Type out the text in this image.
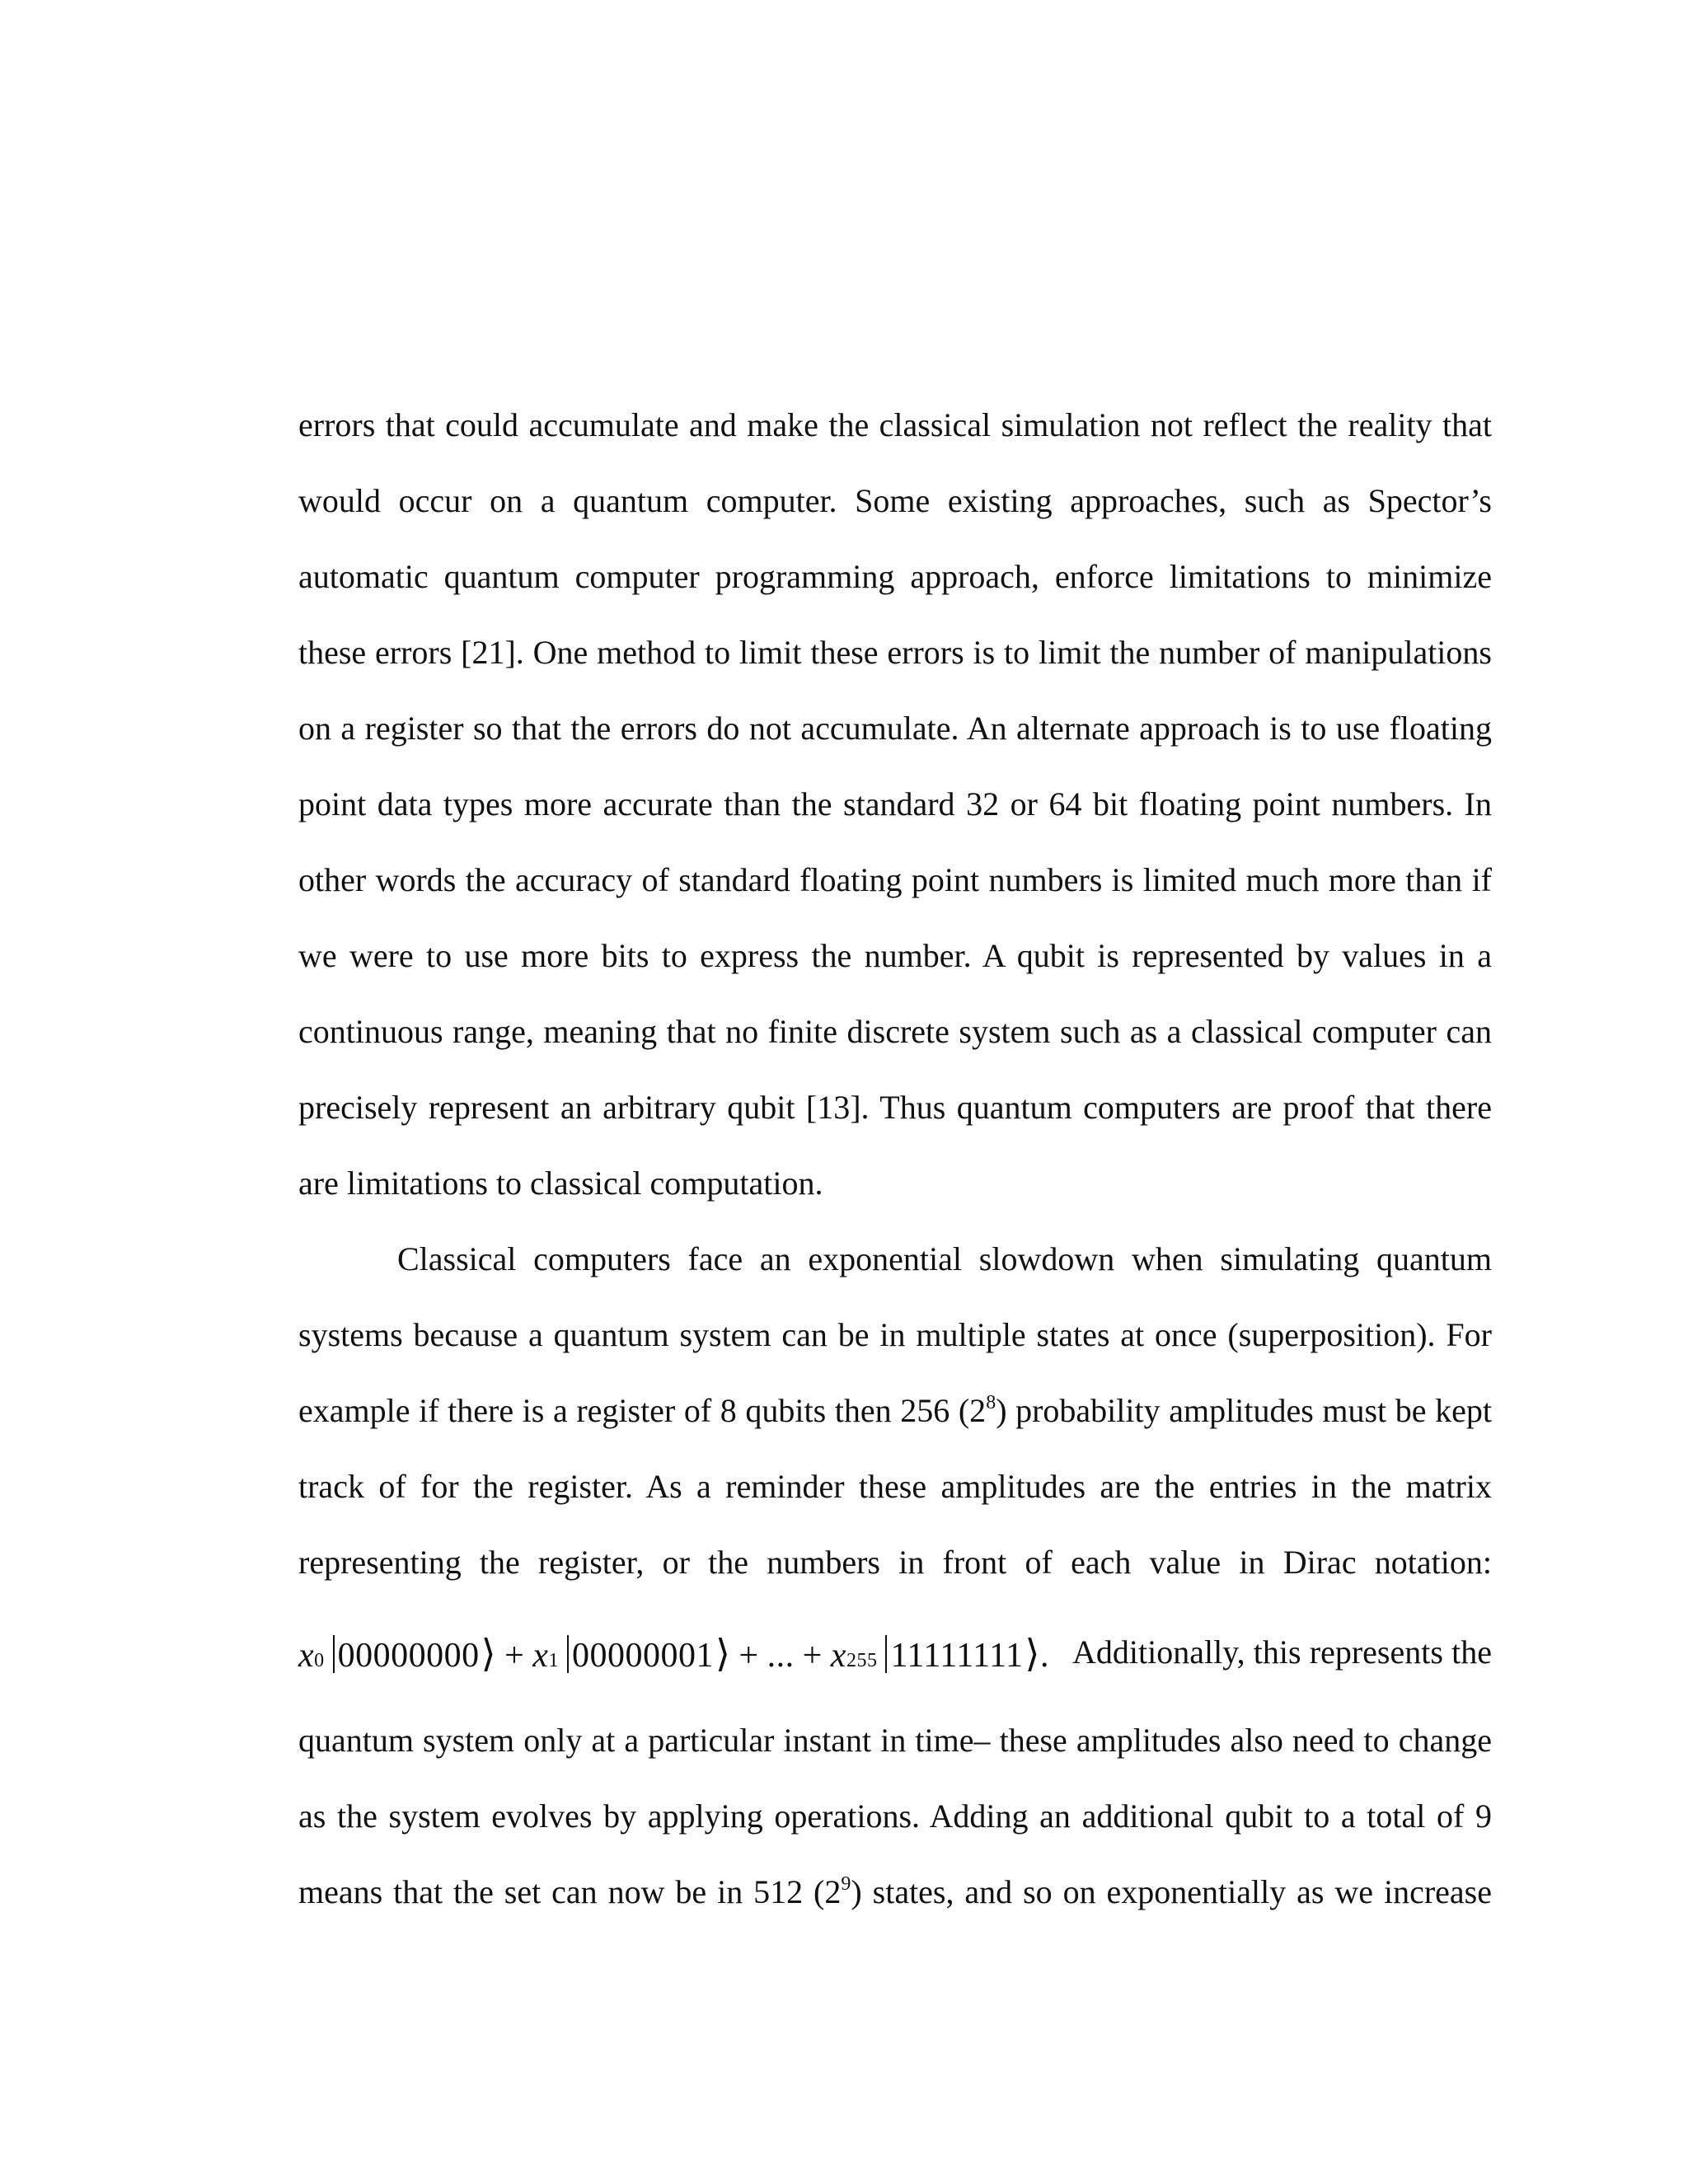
errors that could accumulate and make the classical simulation not reflect the reality that
would occur on a quantum computer. Some existing approaches, such as Spector’s
automatic quantum computer programming approach, enforce limitations to minimize
these errors [21]. One method to limit these errors is to limit the number of manipulations
on a register so that the errors do not accumulate. An alternate approach is to use floating
point data types more accurate than the standard 32 or 64 bit floating point numbers. In
other words the accuracy of standard floating point numbers is limited much more than if
we were to use more bits to express the number. A qubit is represented by values in a
continuous range, meaning that no finite discrete system such as a classical computer can
precisely represent an arbitrary qubit [13]. Thus quantum computers are proof that there
are limitations to classical computation.
Classical computers face an exponential slowdown when simulating quantum
systems because a quantum system can be in multiple states at once (superposition). For
example if there is a register of 8 qubits then 256 $(2^8)$ probability amplitudes must be kept
track of for the register. As a reminder these amplitudes are the entries in the matrix
representing the register, or the numbers in front of each value in Dirac notation:
x 0 00000000 ⟩ + x 1 00000001 ⟩ + ... + x 255 11111111 ⟩ . Additionally, this represents the
quantum system only at a particular instant in time– these amplitudes also need to change
as the system evolves by applying operations. Adding an additional qubit to a total of 9
means that the set can now be in 512 $(2^9)$ states, and so on exponentially as we increase
